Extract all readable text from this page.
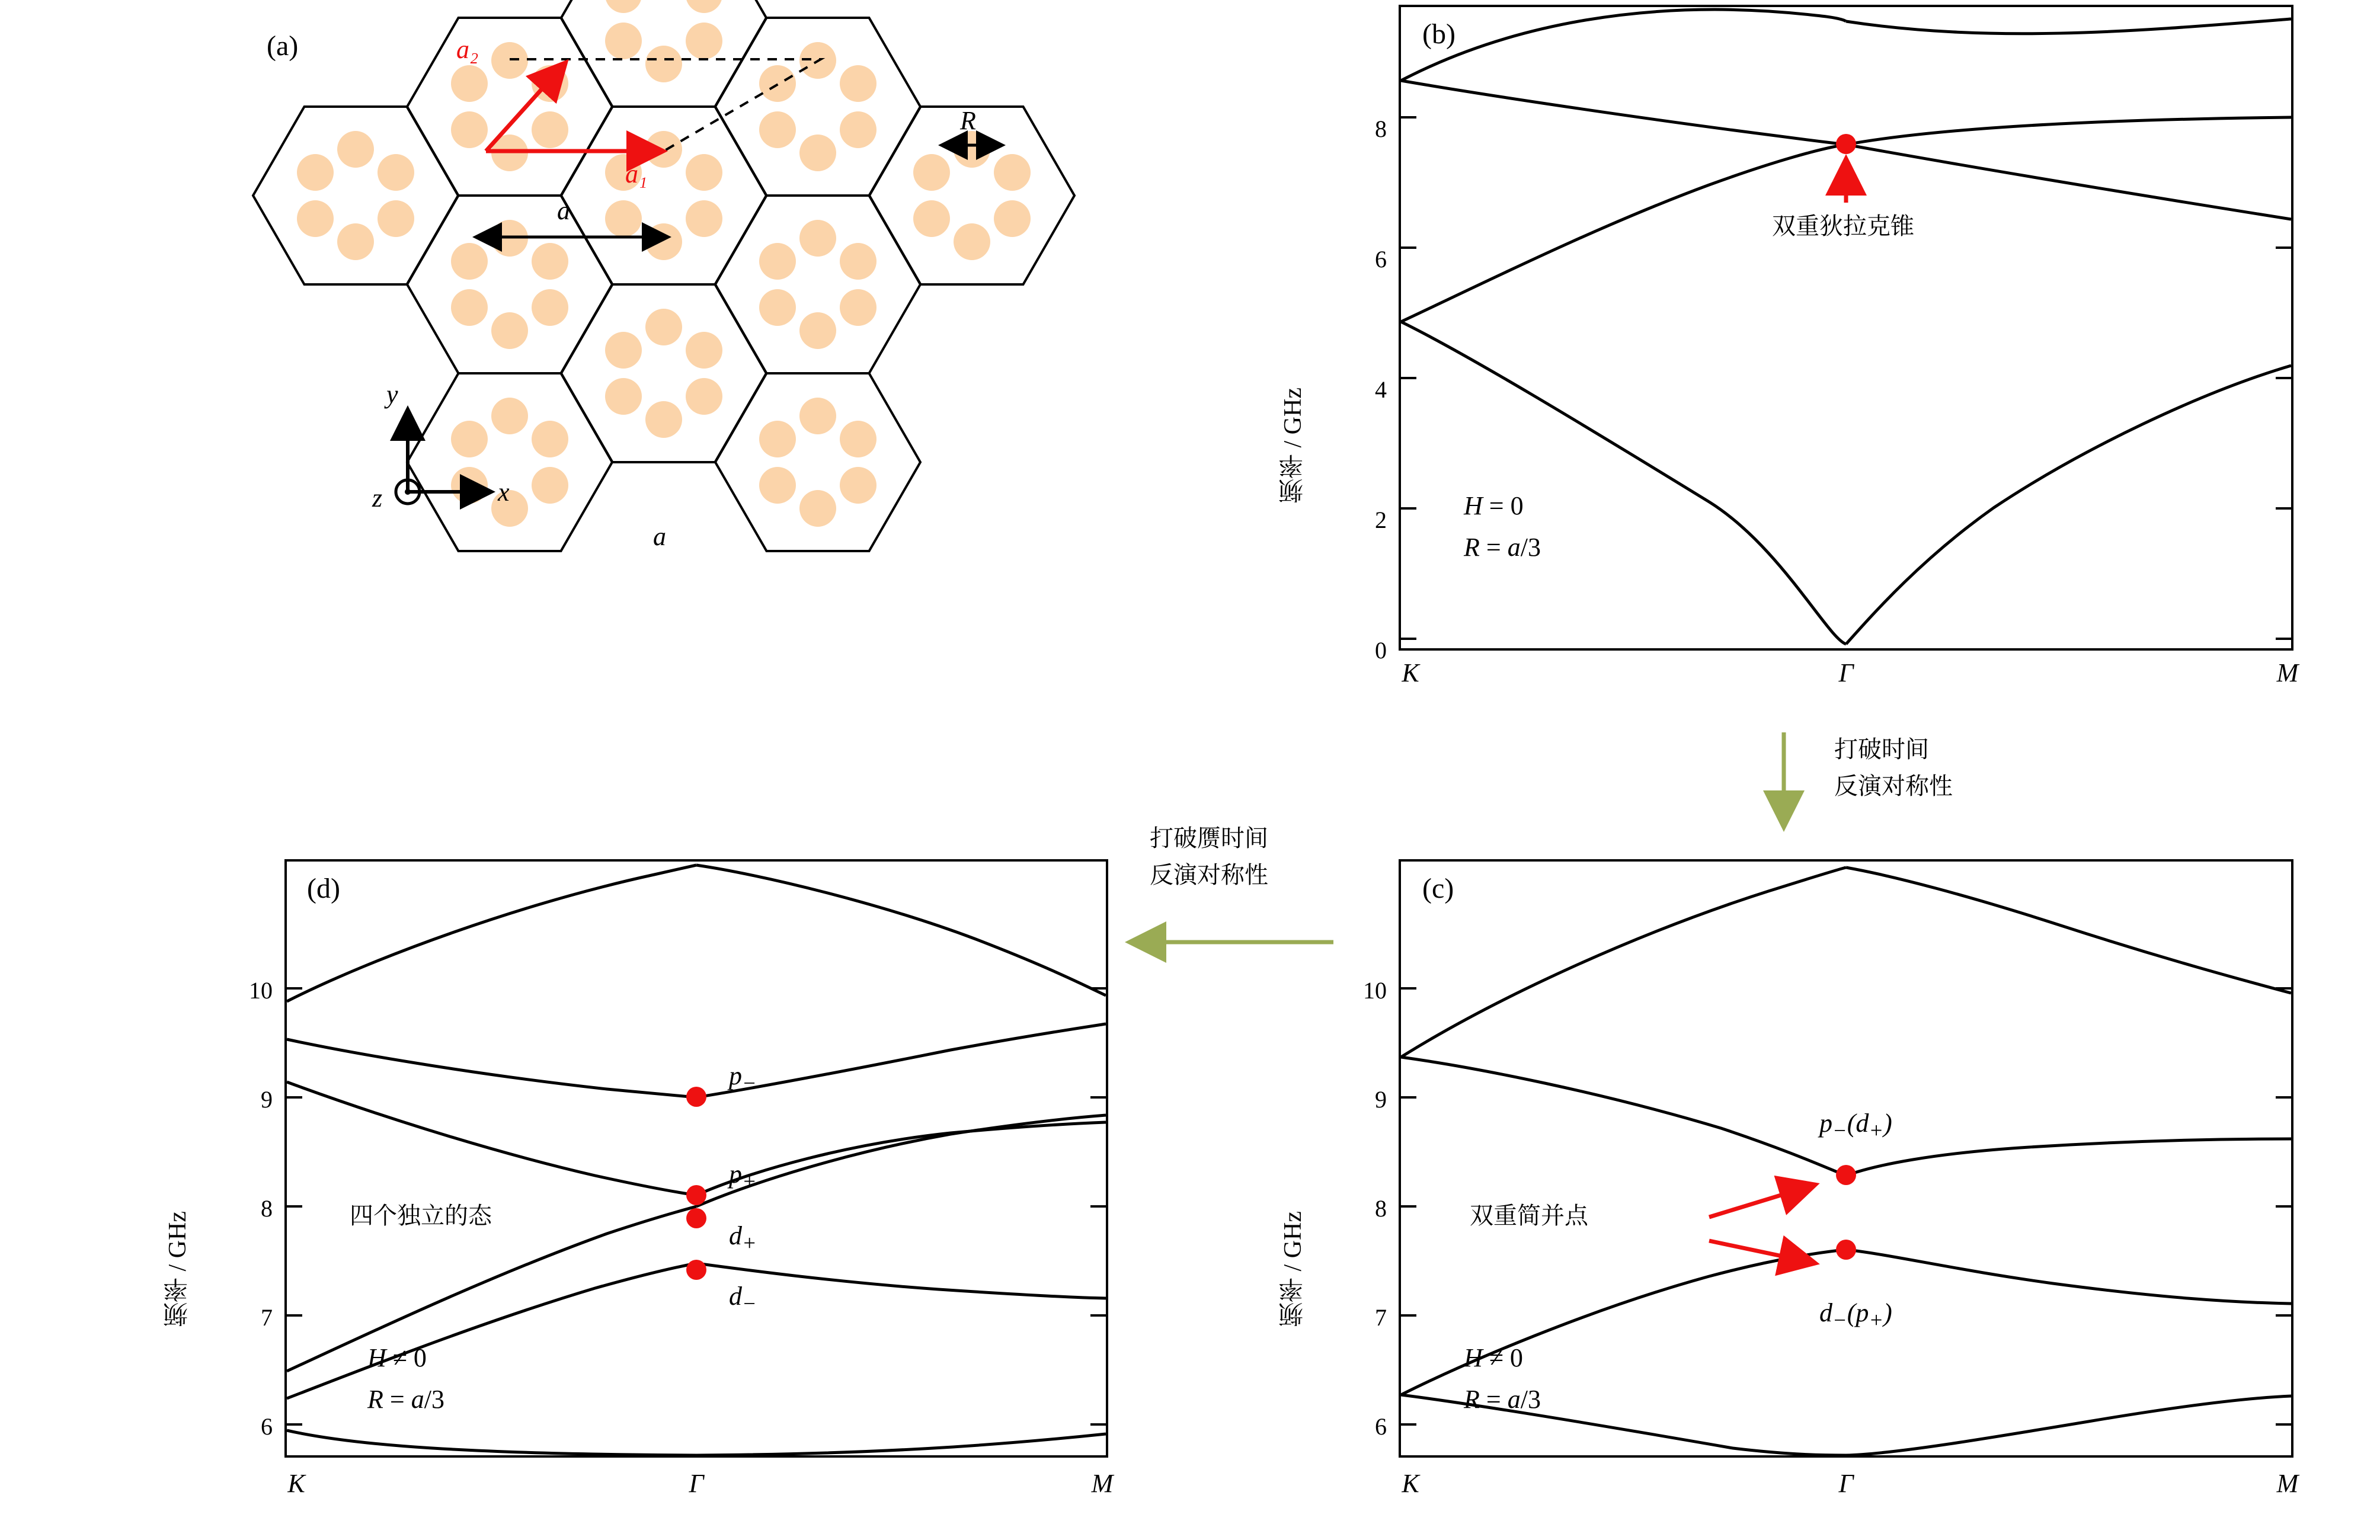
(a)	a₂
a₁
R
a
a
y
x
z	频率 / GHz
0
2
4
6
8
双重狄拉克锥
H = 0
R = a/3
(b)
K	Γ	M
打破时间
反演对称性
打破赝时间
反演对称性
频率 / GHz
6
7
8
9
10
$p_-(d_+)$
$d_-(p_+)$
双重简并点
H ≠ 0
R = a/3
(c)
K	Γ	M
频率 / GHz
6
7
8
9
10
$p_-$
$p_+$
$d_+$
$d_-$
四个独立的态
H ≠ 0
R = a/3
(d)
K	Γ	M
